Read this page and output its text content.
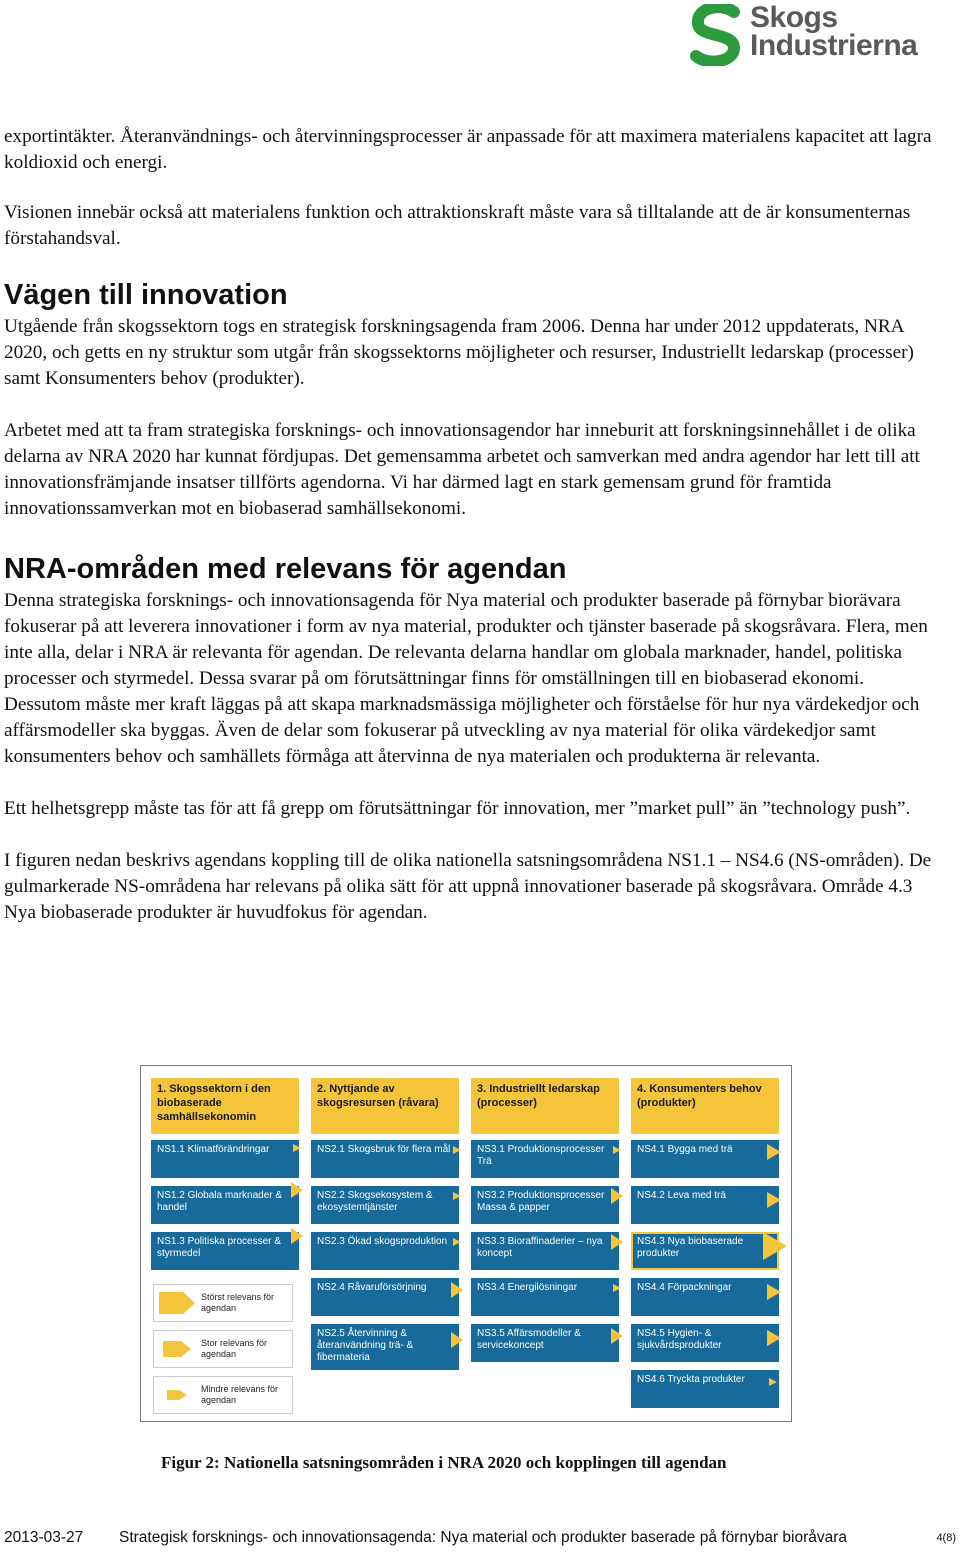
Skogs
Industrierna

exportintäkter. Återanvändnings- och återvinningsprocesser är anpassade för att maximera materialens kapacitet att lagra koldioxid och energi.

Visionen innebär också att materialens funktion och attraktionskraft måste vara så tilltalande att de är konsumenternas förstahandsval.

Vägen till innovation

Utgående från skogssektorn togs en strategisk forskningsagenda fram 2006. Denna har under 2012 uppdaterats, NRA 2020, och getts en ny struktur som utgår från skogssektorns möjligheter och resurser, Industriellt ledarskap (processer) samt Konsumenters behov (produkter).

Arbetet med att ta fram strategiska forsknings- och innovationsagendor har inneburit att forskningsinnehållet i de olika delarna av NRA 2020 har kunnat fördjupas. Det gemensamma arbetet och samverkan med andra agendor har lett till att innovationsfrämjande insatser tillförts agendorna. Vi har därmed lagt en stark gemensam grund för framtida innovationssamverkan mot en biobaserad samhällsekonomi.

NRA-områden med relevans för agendan

Denna strategiska forsknings- och innovationsagenda för Nya material och produkter baserade på förnybar biorävara fokuserar på att leverera innovationer i form av nya material, produkter och tjänster baserade på skogsråvara. Flera, men inte alla, delar i NRA är relevanta för agendan. De relevanta delarna handlar om globala marknader, handel, politiska processer och styrmedel. Dessa svarar på om förutsättningar finns för omställningen till en biobaserad ekonomi. Dessutom måste mer kraft läggas på att skapa marknadsmässiga möjligheter och förståelse för hur nya värdekedjor och affärsmodeller ska byggas. Även de delar som fokuserar på utveckling av nya material för olika värdekedjor samt konsumenters behov och samhällets förmåga att återvinna de nya materialen och produkterna är relevanta.

Ett helhetsgrepp måste tas för att få grepp om förutsättningar för innovation, mer ”market pull” än ”technology push”.

I figuren nedan beskrivs agendans koppling till de olika nationella satsningsområdena NS1.1 – NS4.6 (NS-områden). De gulmarkerade NS-områdena har relevans på olika sätt för att uppnå innovationer baserade på skogsråvara. Område 4.3 Nya biobaserade produkter är huvudfokus för agendan.

1. Skogssektorn i den biobaserade samhällsekonomin
NS1.1 Klimatförändringar
NS1.2 Globala marknader & handel
NS1.3 Politiska processer & styrmedel
Störst relevans för agendan
Stor relevans för agendan
Mindre relevans för agendan
2. Nyttjande av skogsresursen (råvara)
NS2.1 Skogsbruk för flera mål
NS2.2 Skogsekosystem & ekosystemtjänster
NS2.3 Ökad skogsproduktion
NS2.4 Råvaruförsörjning
NS2.5 Återvinning & återanvändning trä- & fibermateria
3. Industriellt ledarskap (processer)
NS3.1 Produktionsprocesser Trä
NS3.2 Produktionsprocesser Massa & papper
NS3.3 Bioraffinaderier – nya koncept
NS3.4 Energilösningar
NS3.5 Affärsmodeller & servicekoncept
4. Konsumenters behov (produkter)
NS4.1 Bygga med trä
NS4.2 Leva med trä
NS4.3 Nya biobaserade produkter
NS4.4 Förpackningar
NS4.5 Hygien- & sjukvårdsprodukter
NS4.6 Tryckta produkter
Figur 2: Nationella satsningsområden i NRA 2020 och kopplingen till agendan
2013-03-27 Strategisk forsknings- och innovationsagenda: Nya material och produkter baserade på förnybar bioråvara	4(8)
